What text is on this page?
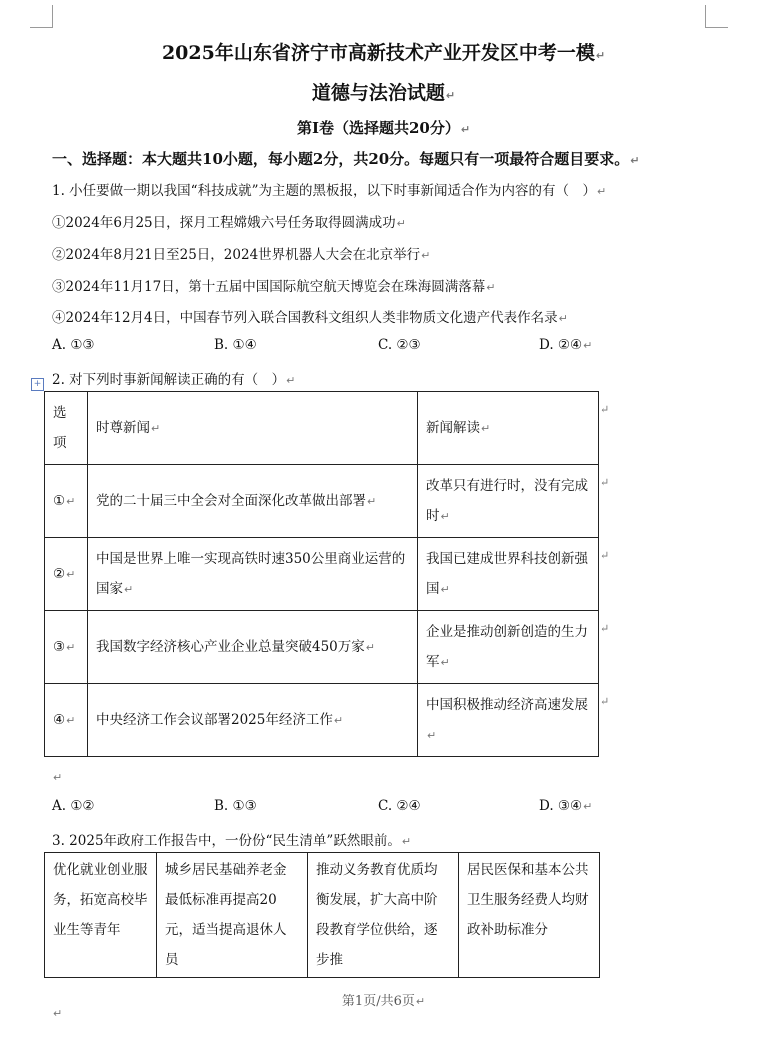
2025年山东省济宁市高新技术产业开发区中考一模↵
道德与法治试题↵
第I卷（选择题共20分）↵
一、选择题：本大题共10小题，每小题2分，共20分。每题只有一项最符合题目要求。↵
1. 小任要做一期以我国“科技成就”为主题的黑板报，以下时事新闻适合作为内容的有（　）↵
①2024年6月25日，探月工程嫦娥六号任务取得圆满成功↵
②2024年8月21日至25日，2024世界机器人大会在北京举行↵
③2024年11月17日，第十五届中国国际航空航天博览会在珠海圆满落幕↵
④2024年12月4日，中国春节列入联合国教科文组织人类非物质文化遗产代表作名录↵
A. ①③	B. ①④	C. ②③	D. ②④↵
+ 2. 对下列时事新闻解读正确的有（　）↵
选项	时尊新闻↵	新闻解读↵
①↵	党的二十届三中全会对全面深化改革做出部署↵	改革只有进行时，没有完成时↵
②↵	中国是世界上唯一实现高铁时速350公里商业运营的国家↵	我国已建成世界科技创新强国↵
③↵	我国数字经济核心产业企业总量突破450万家↵	企业是推动创新创造的生力军↵
④↵	中央经济工作会议部署2025年经济工作↵	中国积极推动经济高速发展↵
↵
↵
↵
↵
↵
↵
A. ①②	B. ①③	C. ②④	D. ③④↵
3. 2025年政府工作报告中，一份份“民生清单”跃然眼前。↵
优化就业创业服务，拓宽高校毕业生等青年	城乡居民基础养老金最低标准再提高20元，适当提高退休人员	推动义务教育优质均衡发展，扩大高中阶段教育学位供给，逐步推	居民医保和基本公共卫生服务经费人均财政补助标准分
第1页/共6页↵
↵
